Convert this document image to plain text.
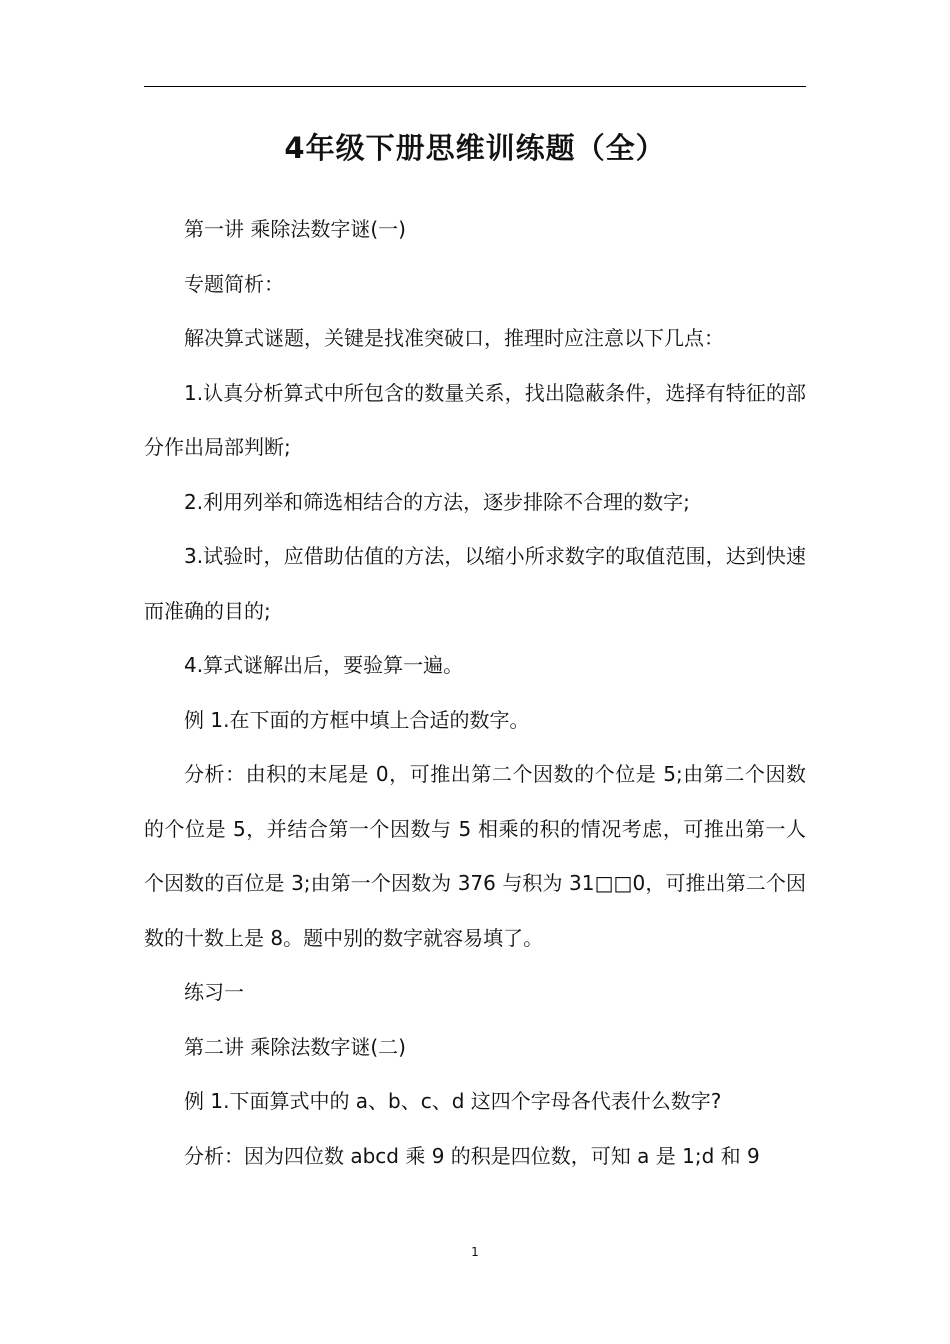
4年级下册思维训练题（全）

第一讲 乘除法数字谜(一)

专题简析：

解决算式谜题，关键是找准突破口，推理时应注意以下几点：

1.认真分析算式中所包含的数量关系，找出隐蔽条件，选择有特征的部分作出局部判断;

2.利用列举和筛选相结合的方法，逐步排除不合理的数字;

3.试验时，应借助估值的方法，以缩小所求数字的取值范围，达到快速而准确的目的;

4.算式谜解出后，要验算一遍。

例 1.在下面的方框中填上合适的数字。

分析：由积的末尾是 0，可推出第二个因数的个位是 5;由第二个因数的个位是 5，并结合第一个因数与 5 相乘的积的情况考虑，可推出第一人个因数的百位是 3;由第一个因数为 376 与积为 31□□0，可推出第二个因数的十数上是 8。题中别的数字就容易填了。

练习一

第二讲 乘除法数字谜(二)

例 1.下面算式中的 a、b、c、d 这四个字母各代表什么数字?

分析：因为四位数 abcd 乘 9 的积是四位数，可知 a 是 1;d 和 9

1
